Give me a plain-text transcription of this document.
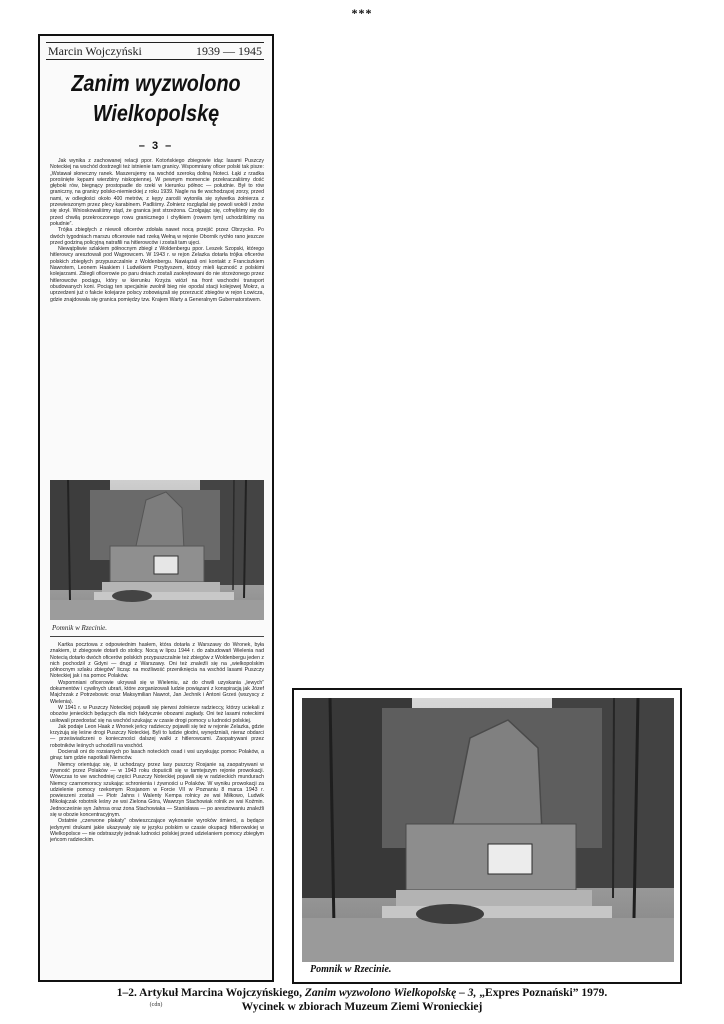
***
Marcin Wojczyński	1939 — 1945
Zanim wyzwolono
Wielkopolskę
– 3 –

Jak wynika z zachowanej relacji ppor. Kotońskiego zbiegowie idąc lasami Puszczy Noteckiej na wschód dostrzegli też istnienie tam granicy. Wspomniany oficer polski tak pisze: „Wstawał słoneczny ranek. Maszerujemy na wschód szeroką doliną Noteci. Łąki z rzadka porośnięte kępami wierzbiny niskopiennej. W pewnym momencie przekraczaliśmy dość głęboki rów, biegnący prostopadle do rzeki w kierunku północ — południe. Był to rów graniczny, na granicy polsko-niemieckiej z roku 1939. Nagle na tle wschodzącej zorzy, przed nami, w odległości około 400 metrów, z kępy zarośli wytoniła się sylwetka żołnierza z przewieszonym przez plecy karabinem. Padliśmy. Żołnierz rozglądał się powoli wokół i znów się skrył. Wnioskowaliśmy stąd, że granica jest strzeżona. Czołgając się, cofnęliśmy się do przed chwilą przekroczonego rowu granicznego i chyłkiem (rowem tym) uchodziliśmy na południe”.

Trójka zbiegłych z niewoli oficerów zdołała nawet nocą przejść przez Obrzycko. Po dwóch tygodniach marszu oficerowie nad rzeką Wełną w rejonie Obornik rychło rano jeszcze przed godziną policyjną natrafili na hitlerowców i zostali tam ujęci.

Niewątpliwie szlakiem północnym zbiegł z Woldenbergu ppor. Leszek Szopski, którego hitlerowcy aresztowali pod Wągrowcem. W 1943 r. w rejon Zelazka dotarła trójka oficerów polskich zbiegłych przypuszczalnie z Woldenbergu. Nawiązali oni kontakt z Franciszkiem Nawrotem, Leonem Haakiem i Ludwikiem Przybyszem, którzy mieli łączność z polskimi kolejarzami. Zbiegli oficerowie po paru dniach zostali zaokrętowani do nie strzeżonego przez hitlerowców pociągu, który w kierunku Krzyża wiózł na front wschodni transport obudowanych koni. Pociąg ten specjalnie zwolnił bieg nie opodal stacji kolejowej Mokrz, a uprzedzeni już o fakcie kolejarze polscy zobowiązali się przerzucić zbiegów w rejon Łowicza, gdzie znajdowała się granica pomiędzy tzw. Krajem Warty a Generalnym Gubernatorstwem.

Pomnik w Rzecinie.

Kartka pocztowa z odpowiednim hasłem, która dotarła z Warszawy do Wronek, była znakiem, iż zbiegowie dotarli do stolicy. Nocą w lipcu 1944 r. do zabudowań Wielenia nad Notecią dotarło dwóch oficerów polskich przypuszczalnie też zbiegów z Woldenbergu jeden z nich pochodził z Gdyni — drugi z Warszawy. Oni też znaleźli się na „wielkopolskim północnym szlaku zbiegów” licząc na możliwość przeniknięcia na wschód lasami Puszczy Noteckiej jak i na pomoc Polaków.

Wspomniani oficerowie ukrywali się w Wieleniu, aż do chwili uzyskania „lewych” dokumentów i cywilnych ubrań, które zorganizowali ludzie powiązani z konspiracją jak Józef Majchrzak z Potrzebowic oraz Maksymilian Nawrot, Jan Jechnik i Antoni Grześ (wszyscy z Wielenia).

W 1941 r. w Puszczy Noteckiej pojawili się pierwsi żołnierze radzieccy, którzy uciekali z obozów jenieckich będących dla nich faktycznie obozami zagłady. Oni też lasami noteckimi usiłowali przedostać się na wschód szukając w czasie drogi pomocy u ludności polskiej.

Jak podaje Leon Haak z Wronek jeńcy radzieccy pojawili się też w rejonie Zelazka, gdzie krzyżują się leśne drogi Puszczy Noteckiej. Byli to ludzie głodni, wynędzniali, nieraz obdarci — przeświadczeni o konieczności dalszej walki z hitlerowcami. Zaopatrywani przez robotników leśnych uchodzili na wschód.

Docierali oni do rozsianych po lasach noteckich osad i wsi uzyskując pomoc Polaków, a ginąc tam gdzie napotkali Niemców.

Niemcy orientując się, iż uchodzący przez lasy puszczy Rosjanie są zaopatrywani w żywność przez Polaków — w 1943 roku dopuścili się w tamtejszym rejonie prowokacji. Wówczas to we wschodniej części Puszczy Noteckiej pojawili się w radzieckich mundurach Niemcy czarnomorscy szukając schronienia i żywności u Polaków. W wyniku prowokacji za udzielenie pomocy rzekomym Rosjanom w Forcie VII w Poznaniu 8 marca 1943 r. powieszeni zostali — Piotr Jahns i Walenty Kempa rolnicy ze wsi Miłkowo, Ludwik Mikołajczak robotnik leśny ze wsi Zielona Góra, Wawrzyn Stachowiak rolnik ze wsi Koźmin. Jednocześnie syn Jahnsa oraz żona Stachowiaka — Stanisława — po aresztowaniu znaleźli się w obozie koncentracyjnym.

Ostatnie „czerwone plakaty” obwieszczające wykonanie wyroków śmierci, a będące jedynymi drukami jakie ukazywały się w języku polskim w czasie okupacji hitlerowskiej w Wielkopolsce — nie odstraszyły jednak ludności polskiej przed udzielaniem pomocy zbiegłym jeńcom radzieckim.

(cdn)
Pomnik w Rzecinie.
1–2. Artykuł Marcina Wojczyńskiego, Zanim wyzwolono Wielkopolskę – 3, „Expres Poznański” 1979.
Wycinek w zbiorach Muzeum Ziemi Wronieckiej
